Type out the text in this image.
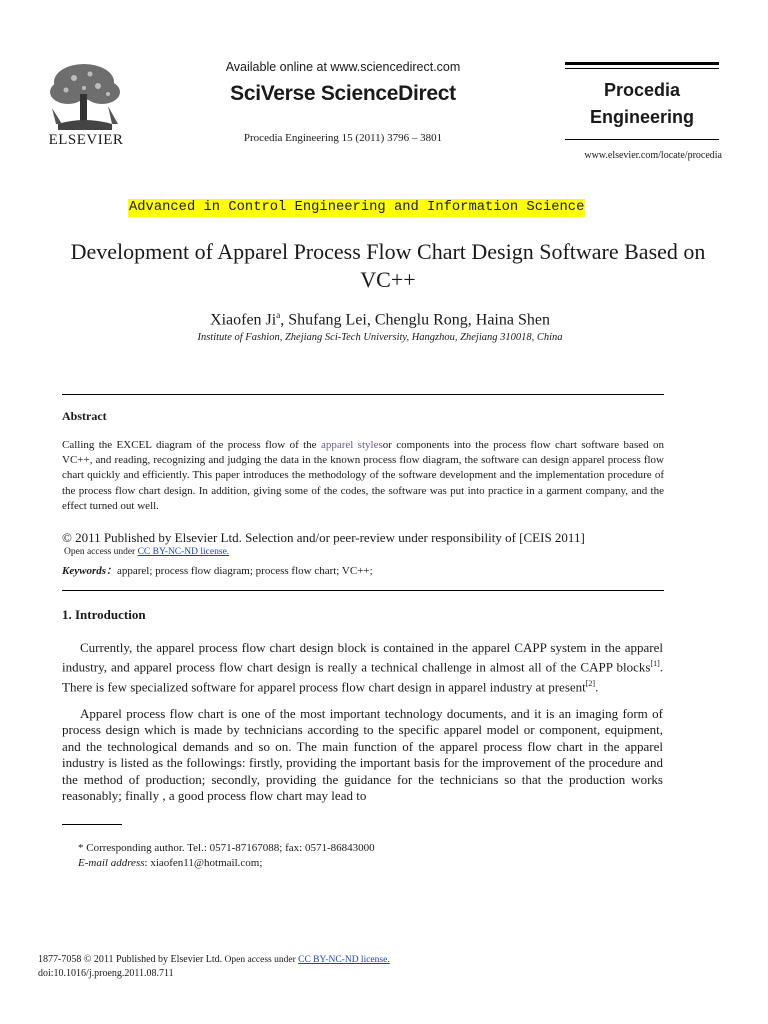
ELSEVIER
Available online at www.sciencedirect.com
SciVerse ScienceDirect
Procedia Engineering 15 (2011) 3796 – 3801
Procedia
Engineering
www.elsevier.com/locate/procedia
Advanced in Control Engineering and Information Science
Development of Apparel Process Flow Chart Design Software Based on VC++
Xiaofen Ji$^a$, Shufang Lei, Chenglu Rong, Haina Shen
Institute of Fashion, Zhejiang Sci-Tech University, Hangzhou, Zhejiang 310018, China
Abstract
Calling the EXCEL diagram of the process flow of the apparel stylesor components into the process flow chart software based on VC++, and reading, recognizing and judging the data in the known process flow diagram, the software can design apparel process flow chart quickly and efficiently. This paper introduces the methodology of the software development and the implementation procedure of the process flow chart design. In addition, giving some of the codes, the software was put into practice in a garment company, and the effect turned out well.
© 2011 Published by Elsevier Ltd. Selection and/or peer-review under responsibility of [CEIS 2011]
Open access under CC BY-NC-ND license.
Keywords：apparel; process flow diagram; process flow chart; VC++;
1. Introduction
Currently, the apparel process flow chart design block is contained in the apparel CAPP system in the apparel industry, and apparel process flow chart design is really a technical challenge in almost all of the CAPP blocks[1]. There is few specialized software for apparel process flow chart design in apparel industry at present[2].
Apparel process flow chart is one of the most important technology documents, and it is an imaging form of process design which is made by technicians according to the specific apparel model or component, equipment, and the technological demands and so on. The main function of the apparel process flow chart in the apparel industry is listed as the followings: firstly, providing the important basis for the improvement of the procedure and the method of production; secondly, providing the guidance for the technicians so that the production works reasonably; finally , a good process flow chart may lead to
* Corresponding author. Tel.: 0571-87167088; fax: 0571-86843000
E-mail address: xiaofen11@hotmail.com;
1877-7058 © 2011 Published by Elsevier Ltd. Open access under CC BY-NC-ND license.
doi:10.1016/j.proeng.2011.08.711
